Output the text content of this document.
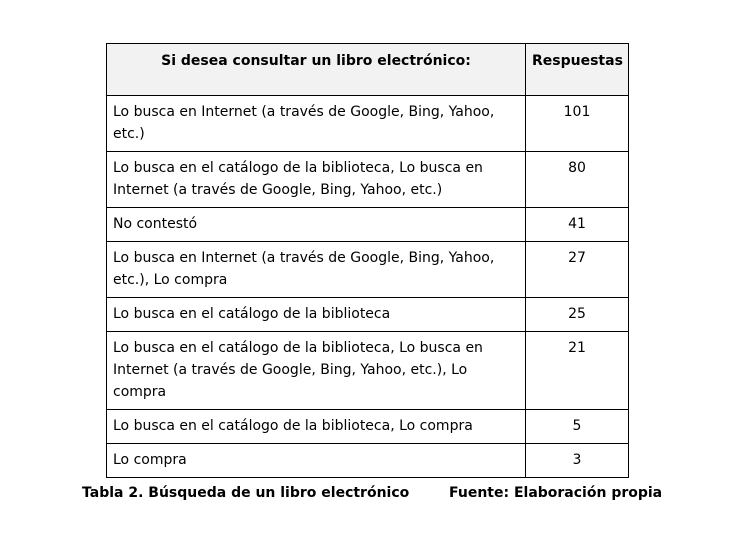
Si desea consultar un libro electrónico:	Respuestas
Lo busca en Internet (a través de Google, Bing, Yahoo, etc.)	101
Lo busca en el catálogo de la biblioteca, Lo busca en Internet (a través de Google, Bing, Yahoo, etc.)	80
No contestó	41
Lo busca en Internet (a través de Google, Bing, Yahoo, etc.), Lo compra	27
Lo busca en el catálogo de la biblioteca	25
Lo busca en el catálogo de la biblioteca, Lo busca en Internet (a través de Google, Bing, Yahoo, etc.), Lo compra	21
Lo busca en el catálogo de la biblioteca, Lo compra	5
Lo compra	3
Tabla 2. Búsqueda de un libro electrónico	Fuente: Elaboración propia
